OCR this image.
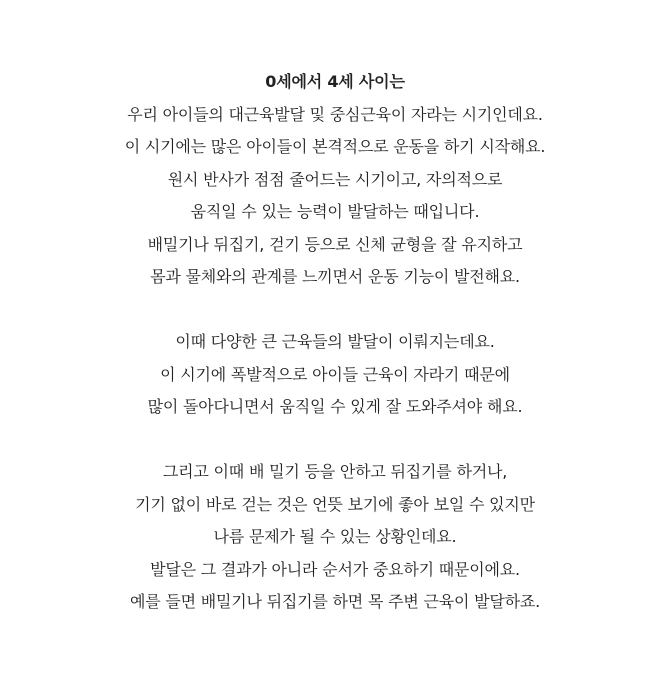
0세에서 4세 사이는
우리 아이들의 대근육발달 및 중심근육이 자라는 시기인데요.
이 시기에는 많은 아이들이 본격적으로 운동을 하기 시작해요.
원시 반사가 점점 줄어드는 시기이고, 자의적으로
움직일 수 있는 능력이 발달하는 때입니다.
배밀기나 뒤집기, 걷기 등으로 신체 균형을 잘 유지하고
몸과 물체와의 관계를 느끼면서 운동 기능이 발전해요.
이때 다양한 큰 근육들의 발달이 이뤄지는데요.
이 시기에 폭발적으로 아이들 근육이 자라기 때문에
많이 돌아다니면서 움직일 수 있게 잘 도와주셔야 해요.
그리고 이때 배 밀기 등을 안하고 뒤집기를 하거나,
기기 없이 바로 걷는 것은 언뜻 보기에 좋아 보일 수 있지만
나름 문제가 될 수 있는 상황인데요.
발달은 그 결과가 아니라 순서가 중요하기 때문이에요.
예를 들면 배밀기나 뒤집기를 하면 목 주변 근육이 발달하죠.
